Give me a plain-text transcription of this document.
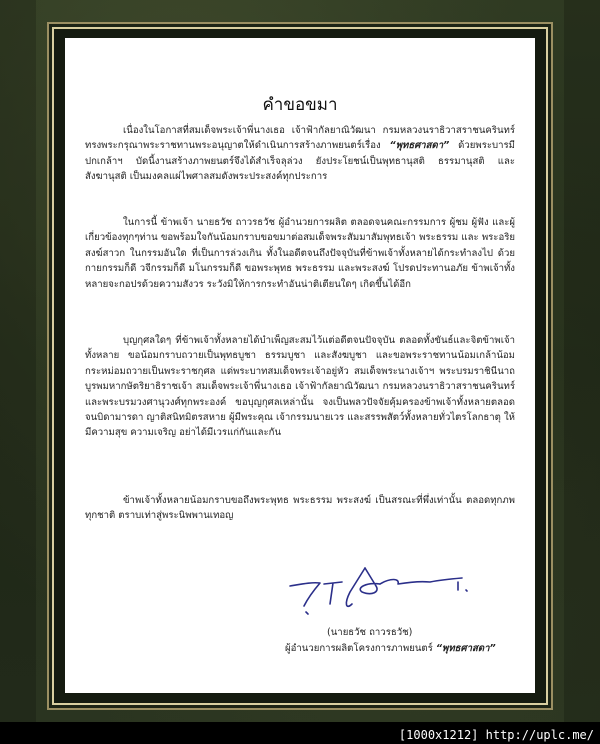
คำขอขมา
เนื่องในโอกาสที่สมเด็จพระเจ้าพี่นางเธอ เจ้าฟ้ากัลยาณิวัฒนา กรมหลวงนราธิวาสราชนครินทร์ ทรงพระกรุณาพระราชทานพระอนุญาตให้ดำเนินการสร้างภาพยนตร์เรื่อง “พุทธศาสดา” ด้วยพระบารมีปกเกล้าฯ บัดนี้งานสร้างภาพยนตร์จึงได้สำเร็จลุล่วง ยังประโยชน์เป็นพุทธานุสติ ธรรมานุสติ และสังฆานุสติ เป็นมงคลแผ่ไพศาลสมดังพระประสงค์ทุกประการ
ในการนี้ ข้าพเจ้า นายธวัช ถาวรธวัช ผู้อำนวยการผลิต ตลอดจนคณะกรรมการ ผู้ชม ผู้ฟัง และผู้เกี่ยวข้องทุกๆท่าน ขอพร้อมใจกันน้อมกราบขอขมาต่อสมเด็จพระสัมมาสัมพุทธเจ้า พระธรรม และ พระอริยสงฆ์สาวก ในกรรมอันใด ที่เป็นการล่วงเกิน ทั้งในอดีตจนถึงปัจจุบันที่ข้าพเจ้าทั้งหลายได้กระทำลงไป ด้วยกายกรรมก็ดี วจีกรรมก็ดี มโนกรรมก็ดี ขอพระพุทธ พระธรรม และพระสงฆ์ โปรดประทานอภัย ข้าพเจ้าทั้งหลายจะกอปรด้วยความสังวร ระวังมิให้การกระทำอันน่าติเตียนใดๆ เกิดขึ้นได้อีก
บุญกุศลใดๆ ที่ข้าพเจ้าทั้งหลายได้บำเพ็ญสะสมไว้แต่อดีตจนปัจจุบัน ตลอดทั้งขันธ์และจิตข้าพเจ้าทั้งหลาย ขอน้อมกราบถวายเป็นพุทธบูชา ธรรมบูชา และสังฆบูชา และขอพระราชทานน้อมเกล้าน้อมกระหม่อมถวายเป็นพระราชกุศล แด่พระบาทสมเด็จพระเจ้าอยู่หัว สมเด็จพระนางเจ้าฯ พระบรมราชินีนาถ บูรพมหากษัตริยาธิราชเจ้า สมเด็จพระเจ้าพี่นางเธอ เจ้าฟ้ากัลยาณิวัฒนา กรมหลวงนราธิวาสราชนครินทร์ และพระบรมวงศานุวงศ์ทุกพระองค์ ขอบุญกุศลเหล่านั้น จงเป็นพลวปัจจัยคุ้มครองข้าพเจ้าทั้งหลายตลอดจนบิดามารดา ญาติสนิทมิตรสหาย ผู้มีพระคุณ เจ้ากรรมนายเวร และสรรพสัตว์ทั้งหลายทั่วไตรโลกธาตุ ให้มีความสุข ความเจริญ อย่าได้มีเวรแก่กันและกัน
ข้าพเจ้าทั้งหลายน้อมกราบขอถึงพระพุทธ พระธรรม พระสงฆ์ เป็นสรณะที่พึ่งเท่านั้น ตลอดทุกภพทุกชาติ ตราบเท่าสู่พระนิพพานเทอญ
(นายธวัช ถาวรธวัช)
ผู้อำนวยการผลิตโครงการภาพยนตร์ “พุทธศาสดา”
[1000x1212] http://uplc.me/
